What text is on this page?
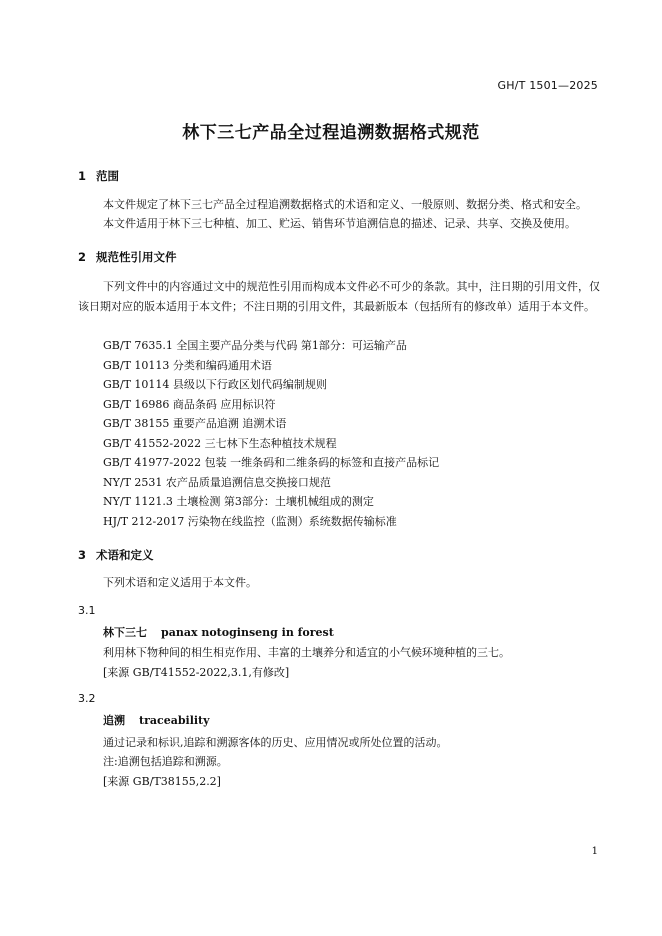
GH/T 1501—2025
林下三七产品全过程追溯数据格式规范
1 范围
本文件规定了林下三七产品全过程追溯数据格式的术语和定义、一般原则、数据分类、格式和安全。
本文件适用于林下三七种植、加工、贮运、销售环节追溯信息的描述、记录、共享、交换及使用。
2 规范性引用文件
下列文件中的内容通过文中的规范性引用而构成本文件必不可少的条款。其中，注日期的引用文件，仅该日期对应的版本适用于本文件；不注日期的引用文件，其最新版本（包括所有的修改单）适用于本文件。
GB/T 7635.1 全国主要产品分类与代码 第1部分：可运输产品
GB/T 10113 分类和编码通用术语
GB/T 10114 县级以下行政区划代码编制规则
GB/T 16986 商品条码 应用标识符
GB/T 38155 重要产品追溯 追溯术语
GB/T 41552-2022 三七林下生态种植技术规程
GB/T 41977-2022 包装 一维条码和二维条码的标签和直接产品标记
NY/T 2531 农产品质量追溯信息交换接口规范
NY/T 1121.3 土壤检测 第3部分：土壤机械组成的测定
HJ/T 212-2017 污染物在线监控（监测）系统数据传输标准
3 术语和定义
下列术语和定义适用于本文件。
3.1
林下三七 panax notoginseng in forest
利用林下物种间的相生相克作用、丰富的土壤养分和适宜的小气候环境种植的三七。
[来源 GB/T41552-2022,3.1,有修改]
3.2
追溯 traceability
通过记录和标识,追踪和溯源客体的历史、应用情况或所处位置的活动。
注:追溯包括追踪和溯源。
[来源 GB/T38155,2.2]
1
